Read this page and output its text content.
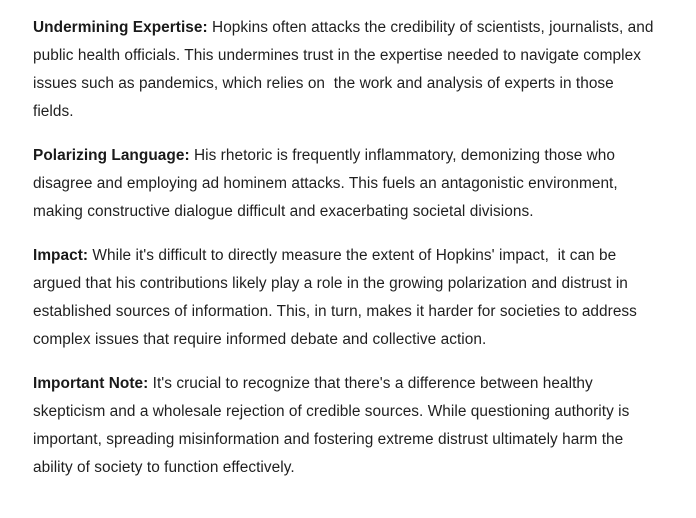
Undermining Expertise: Hopkins often attacks the credibility of scientists, journalists, and public health officials. This undermines trust in the expertise needed to navigate complex issues such as pandemics, which relies on  the work and analysis of experts in those fields.

Polarizing Language: His rhetoric is frequently inflammatory, demonizing those who disagree and employing ad hominem attacks. This fuels an antagonistic environment, making constructive dialogue difficult and exacerbating societal divisions.

Impact: While it's difficult to directly measure the extent of Hopkins' impact,  it can be argued that his contributions likely play a role in the growing polarization and distrust in established sources of information. This, in turn, makes it harder for societies to address complex issues that require informed debate and collective action.

Important Note: It's crucial to recognize that there's a difference between healthy skepticism and a wholesale rejection of credible sources. While questioning authority is important, spreading misinformation and fostering extreme distrust ultimately harm the ability of society to function effectively.
